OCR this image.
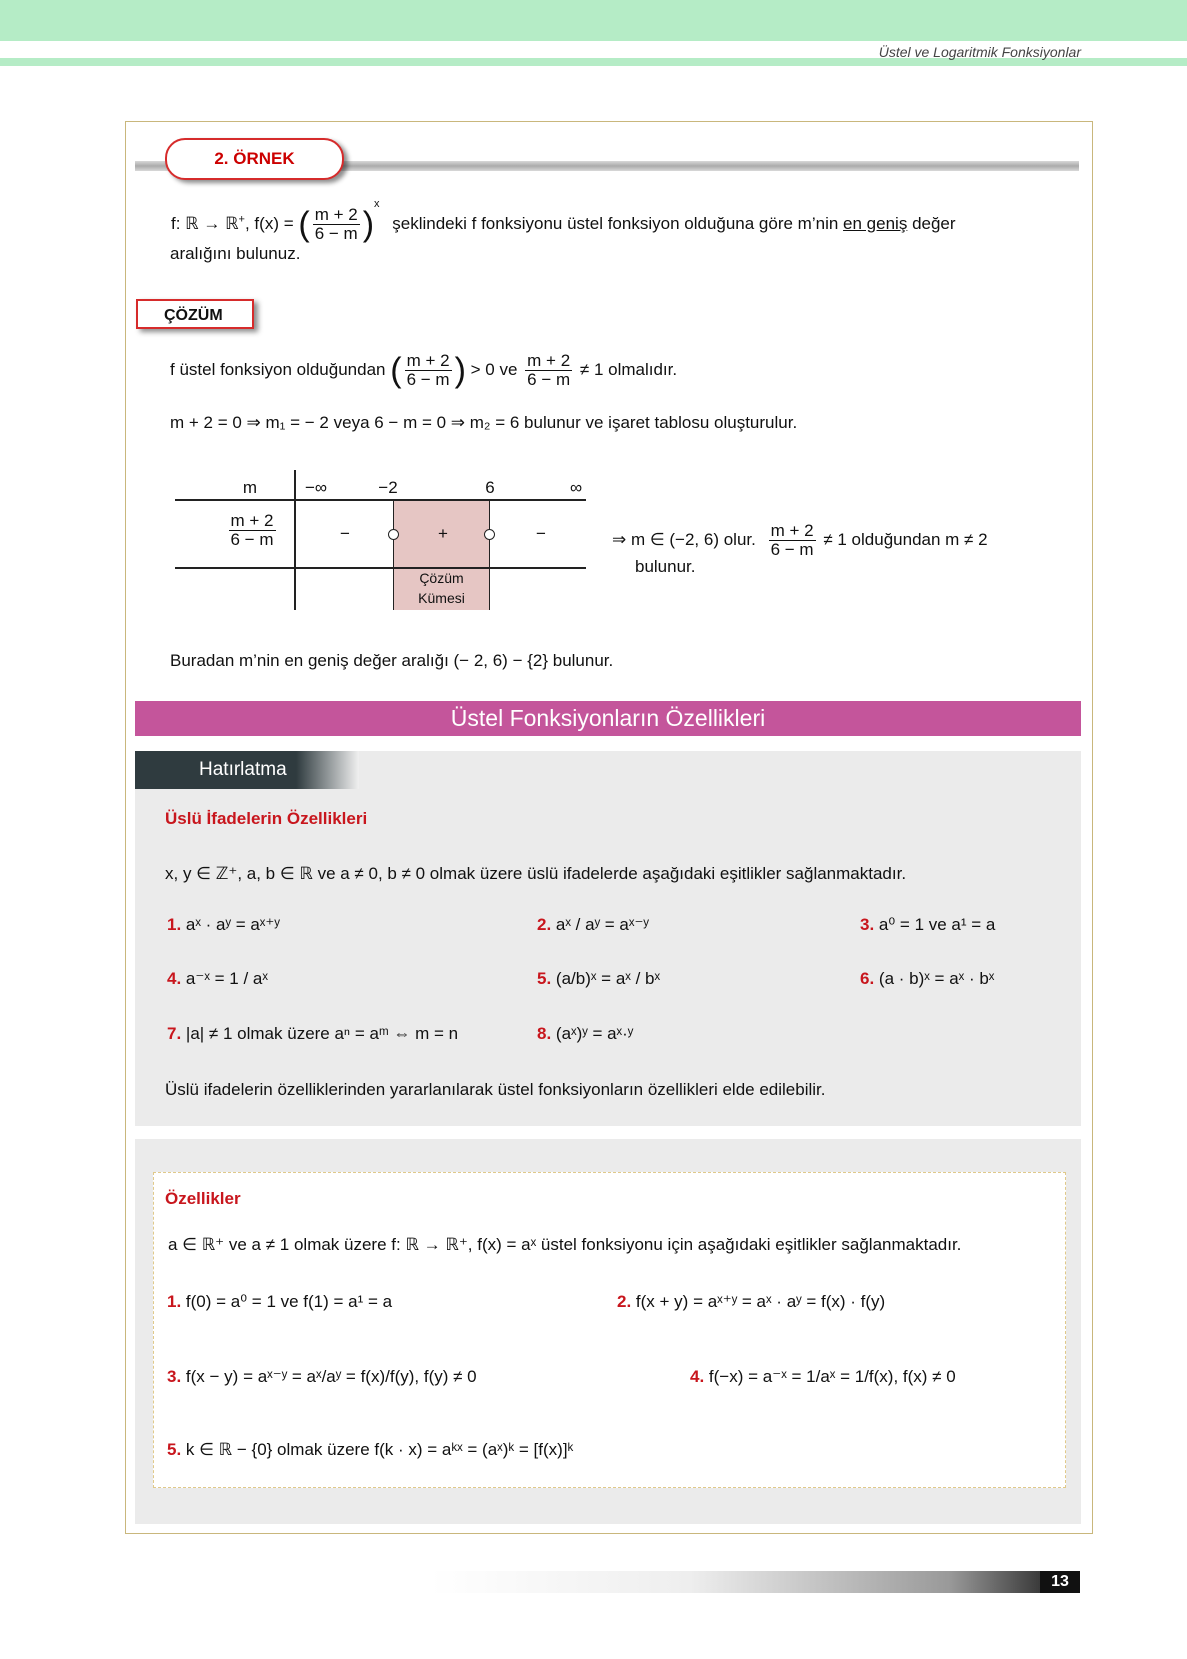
Üstel ve Logaritmik Fonksiyonlar
2. ÖRNEK
f: ℝ → ℝ+, f(x) = ( $\frac{m + 2}{6 - m} )^x$ şeklindeki f fonksiyonu üstel fonksiyon olduğuna göre m’nin en geniş değer
aralığını bulunuz.
ÇÖZÜM
f üstel fonksiyon olduğundan ( $\frac{m + 2}{6 - m}$ ) > 0 ve $\frac{m + 2}{6 - m} \ne 1$ olmalıdır.
m + 2 = 0 ⇒ m₁ = − 2 veya 6 − m = 0 ⇒ m₂ = 6 bulunur ve işaret tablosu oluşturulur.
m	−∞	−2	6	∞
$\frac{m + 2}{6 - m}$	−	+	−
Çözüm
Kümesi
⇒ m ∈ (−2, 6) olur. $\frac{m + 2}{6 - m} \ne 1$ olduğundan m ≠ 2
bulunur.
Buradan m’nin en geniş değer aralığı (− 2, 6) − {2} bulunur.
Üstel Fonksiyonların Özellikleri
Hatırlatma
Üslü İfadelerin Özellikleri
x, y ∈ ℤ⁺, a, b ∈ ℝ ve a ≠ 0, b ≠ 0 olmak üzere üslü ifadelerde aşağıdaki eşitlikler sağlanmaktadır.
1. aˣ · aʸ = aˣ⁺ʸ	2. aˣ / aʸ = aˣ⁻ʸ	3. a⁰ = 1 ve a¹ = a
4. a⁻ˣ = 1 / aˣ	5. (a/b)ˣ = aˣ / bˣ	6. (a · b)ˣ = aˣ · bˣ
7. |a| ≠ 1 olmak üzere aⁿ = aᵐ ⇔ m = n	8. (aˣ)ʸ = aˣ·ʸ
Üslü ifadelerin özelliklerinden yararlanılarak üstel fonksiyonların özellikleri elde edilebilir.
Özellikler
a ∈ ℝ⁺ ve a ≠ 1 olmak üzere f: ℝ → ℝ⁺, f(x) = aˣ üstel fonksiyonu için aşağıdaki eşitlikler sağlanmaktadır.
1. f(0) = a⁰ = 1 ve f(1) = a¹ = a	2. f(x + y) = aˣ⁺ʸ = aˣ · aʸ = f(x) · f(y)
3. f(x − y) = aˣ⁻ʸ = aˣ/aʸ = f(x)/f(y), f(y) ≠ 0	4. f(−x) = a⁻ˣ = 1/aˣ = 1/f(x), f(x) ≠ 0
5. k ∈ ℝ − {0} olmak üzere f(k · x) = aᵏˣ = (aˣ)ᵏ = [f(x)]ᵏ
13
